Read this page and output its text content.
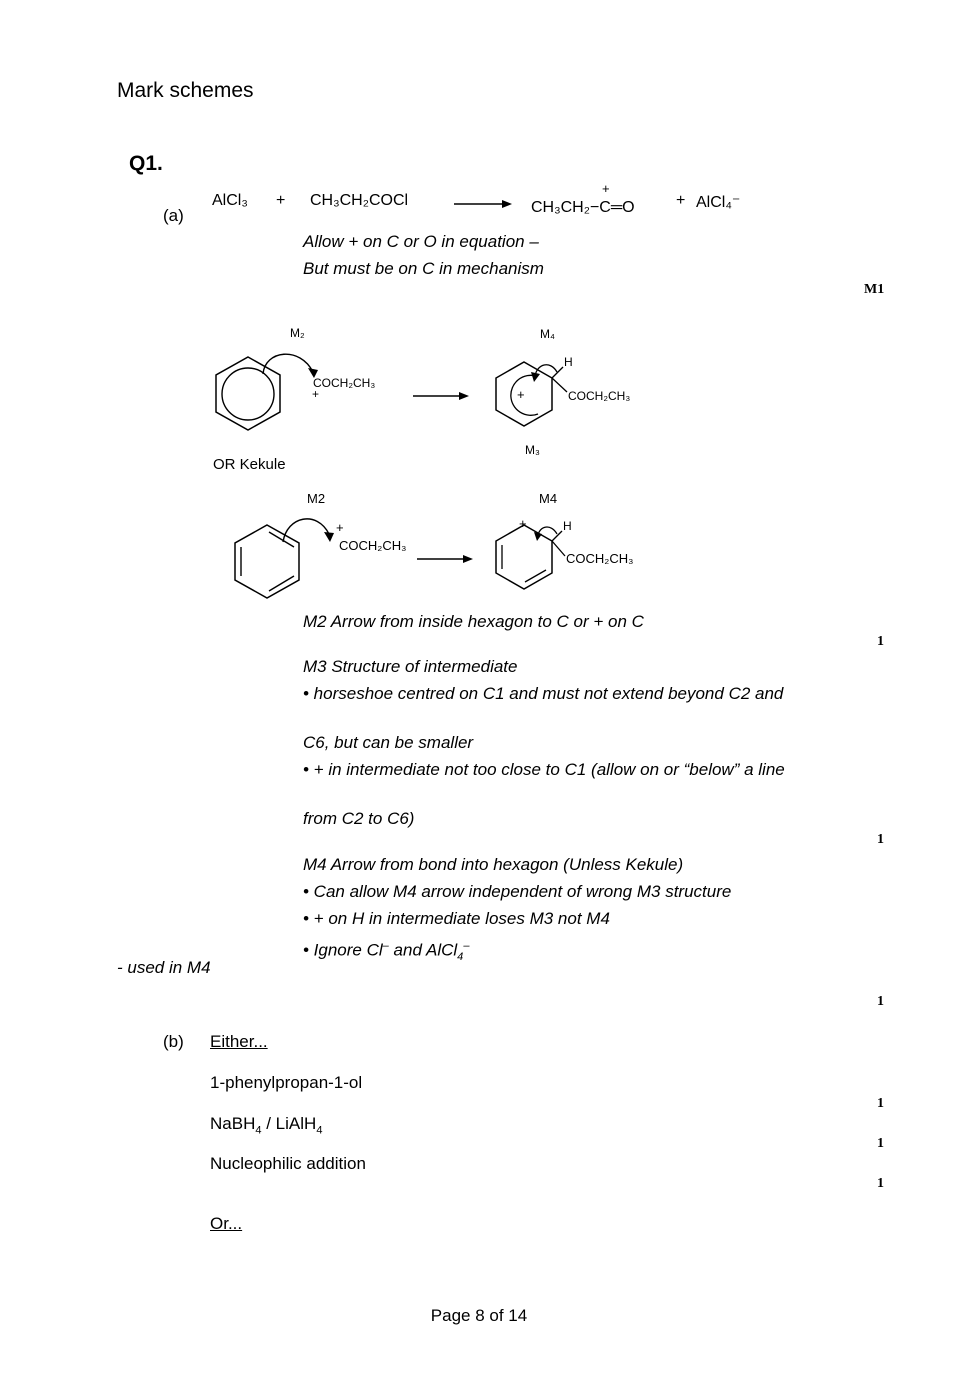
Mark schemes
Q1.
(a)
AlCl₃ + CH₃CH₂COCl
+
CH₃CH₂−C═O	+ AlCl₄⁻
Allow + on C or O in equation –
But must be on C in mechanism
M1
M₂
COCH₂CH₃
+	+
H
COCH₂CH₃
M₄
M₃
OR Kekule
M2
+
COCH₂CH₃
+	H
COCH₂CH₃
M4
M2 Arrow from inside hexagon to C or + on C
1
M3 Structure of intermediate
• horseshoe centred on C1 and must not extend beyond C2 and
C6, but can be smaller
• + in intermediate not too close to C1 (allow on or “below” a line
from C2 to C6)
1
M4 Arrow from bond into hexagon (Unless Kekule)
• Can allow M4 arrow independent of wrong M3 structure
• + on H in intermediate loses M3 not M4
• Ignore Cl– and AlCl$_4$–
- used in M4
1
(b) Either...
1-phenylpropan-1-ol
1
NaBH$_4$ / LiAlH$_4$
1
Nucleophilic addition
1
Or...
Page 8 of 14
